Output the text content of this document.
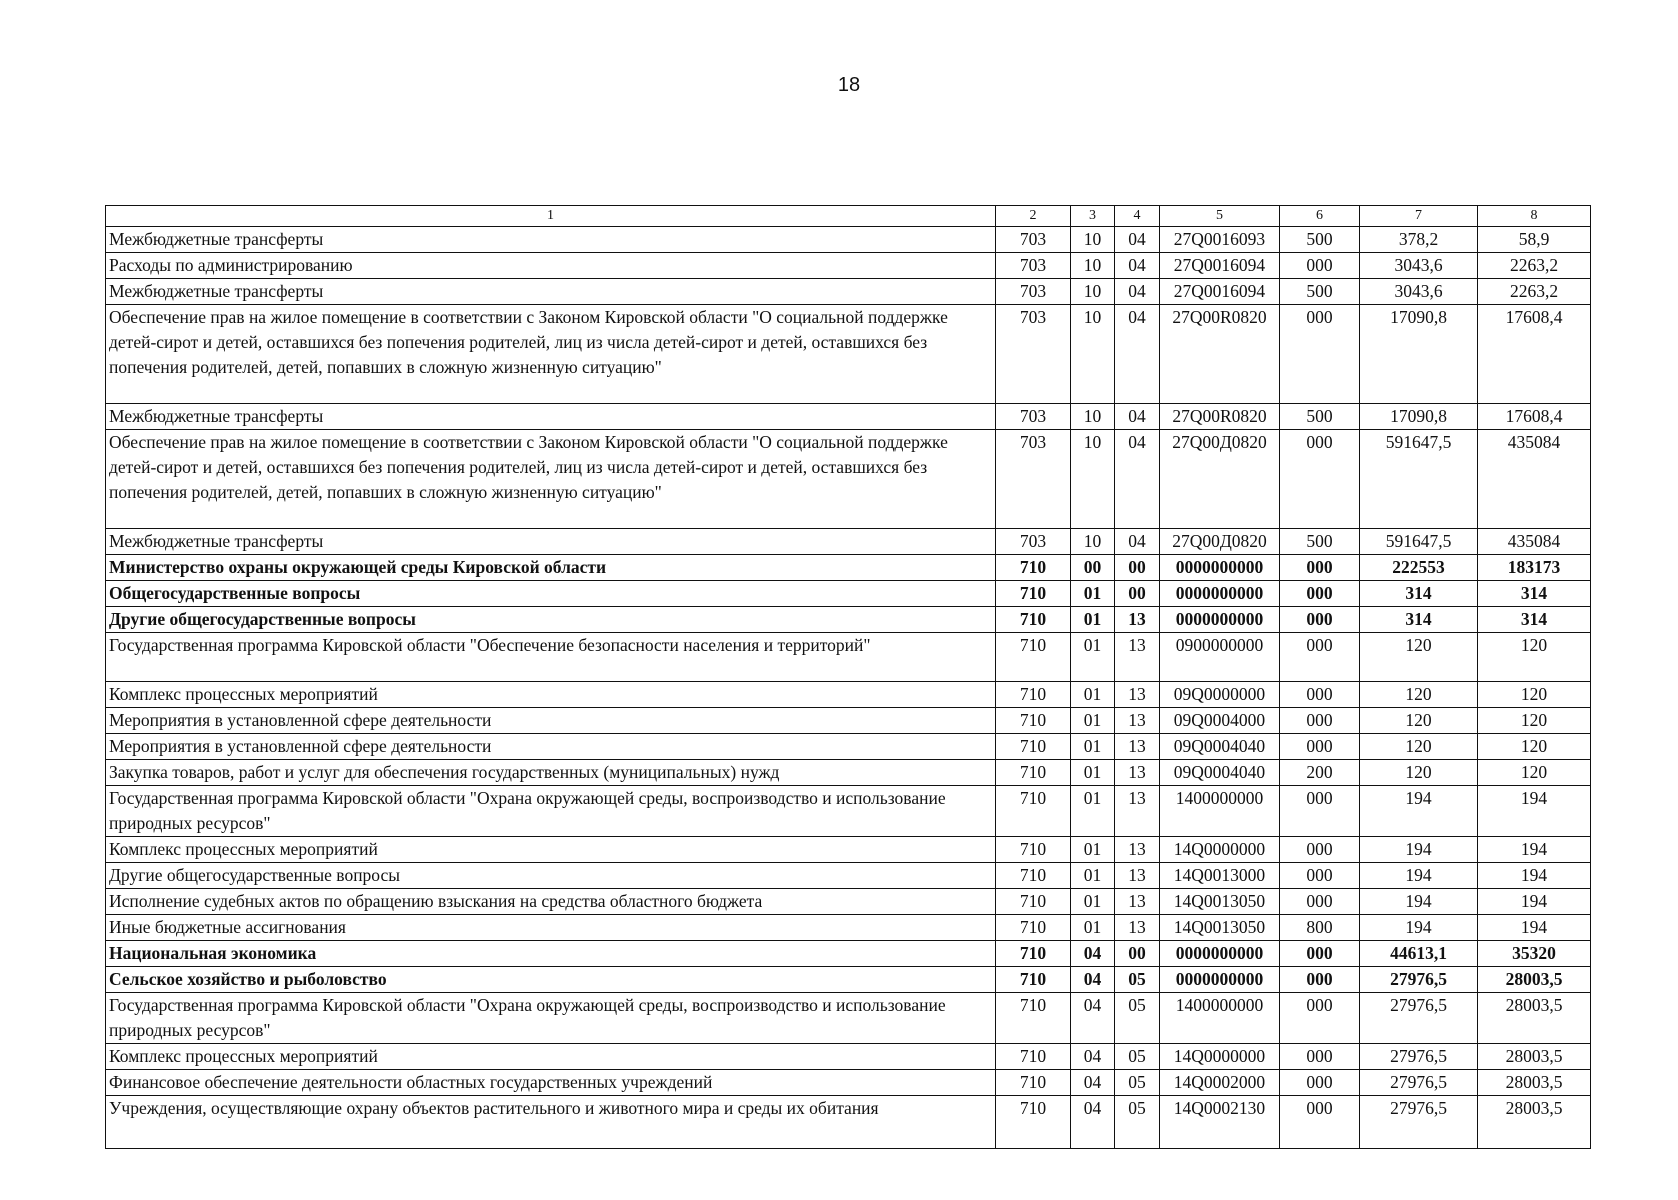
18
1	2	3	4	5	6	7	8
Межбюджетные трансферты	703	10	04	27Q0016093	500	378,2	58,9
Расходы по администрированию	703	10	04	27Q0016094	000	3043,6	2263,2
Межбюджетные трансферты	703	10	04	27Q0016094	500	3043,6	2263,2
Обеспечение прав на жилое помещение в соответствии с Законом Кировской области "О социальной поддержке детей-сирот и детей, оставшихся без попечения родителей, лиц из числа детей-сирот и детей, оставшихся без попечения родителей, детей, попавших в сложную жизненную ситуацию"	703	10	04	27Q00R0820	000	17090,8	17608,4
Межбюджетные трансферты	703	10	04	27Q00R0820	500	17090,8	17608,4
Обеспечение прав на жилое помещение в соответствии с Законом Кировской области "О социальной поддержке детей-сирот и детей, оставшихся без попечения родителей, лиц из числа детей-сирот и детей, оставшихся без попечения родителей, детей, попавших в сложную жизненную ситуацию"	703	10	04	27Q00Д0820	000	591647,5	435084
Межбюджетные трансферты	703	10	04	27Q00Д0820	500	591647,5	435084
Министерство охраны окружающей среды Кировской области	710	00	00	0000000000	000	222553	183173
Общегосударственные вопросы	710	01	00	0000000000	000	314	314
Другие общегосударственные вопросы	710	01	13	0000000000	000	314	314
Государственная программа Кировской области "Обеспечение безопасности населения и территорий"	710	01	13	0900000000	000	120	120
Комплекс процессных мероприятий	710	01	13	09Q0000000	000	120	120
Мероприятия в установленной сфере деятельности	710	01	13	09Q0004000	000	120	120
Мероприятия в установленной сфере деятельности	710	01	13	09Q0004040	000	120	120
Закупка товаров, работ и услуг для обеспечения государственных (муниципальных) нужд	710	01	13	09Q0004040	200	120	120
Государственная программа Кировской области "Охрана окружающей среды, воспроизводство и использование природных ресурсов"	710	01	13	1400000000	000	194	194
Комплекс процессных мероприятий	710	01	13	14Q0000000	000	194	194
Другие общегосударственные вопросы	710	01	13	14Q0013000	000	194	194
Исполнение судебных актов по обращению взыскания на средства областного бюджета	710	01	13	14Q0013050	000	194	194
Иные бюджетные ассигнования	710	01	13	14Q0013050	800	194	194
Национальная экономика	710	04	00	0000000000	000	44613,1	35320
Сельское хозяйство и рыболовство	710	04	05	0000000000	000	27976,5	28003,5
Государственная программа Кировской области "Охрана окружающей среды, воспроизводство и использование природных ресурсов"	710	04	05	1400000000	000	27976,5	28003,5
Комплекс процессных мероприятий	710	04	05	14Q0000000	000	27976,5	28003,5
Финансовое обеспечение деятельности областных государственных учреждений	710	04	05	14Q0002000	000	27976,5	28003,5
Учреждения, осуществляющие охрану объектов растительного и животного мира и среды их обитания	710	04	05	14Q0002130	000	27976,5	28003,5
